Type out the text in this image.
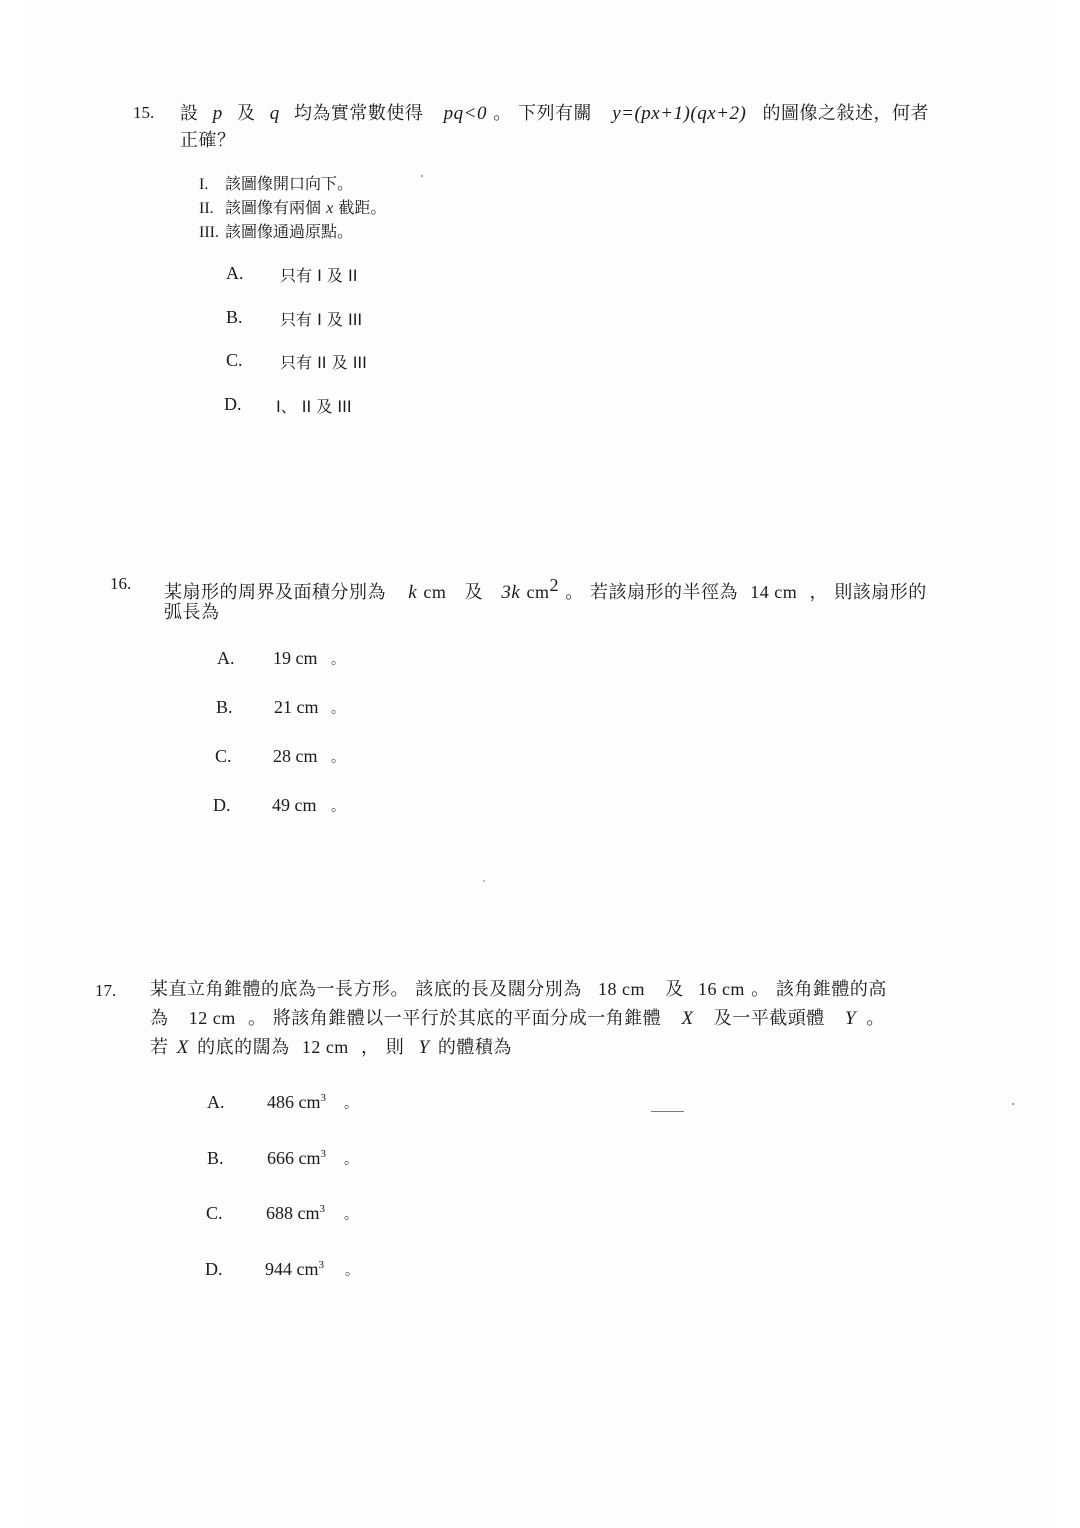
15. 設 p 及 q 均為實常數使得 pq<0 。 下列有關 y=(px+1)(qx+2) 的圖像之敍述，何者
正確？
I. 該圖像開口向下。
II. 該圖像有兩個 x 截距。
III. 該圖像通過原點。
A. 只有 I 及 II
B. 只有 I 及 III
C. 只有 II 及 III
D. I、 II 及 III
16. 某扇形的周界及面積分別為 k cm 及 3k $cm^2$ 。 若該扇形的半徑為 14 cm ， 則該扇形的
弧長為
A. 19 cm 。
B. 21 cm 。
C. 28 cm 。
D. 49 cm 。
17. 某直立角錐體的底為一長方形。 該底的長及闊分別為 18 cm 及 16 cm 。 該角錐體的高
為 12 cm 。 將該角錐體以一平行於其底的平面分成一角錐體 X 及一平截頭體 Y 。
若 X 的底的闊為 12 cm ， 則 Y 的體積為
A. 486 $cm^3$ 。
B. 666 $cm^3$ 。
C. 688 $cm^3$ 。
D. 944 $cm^3$ 。
